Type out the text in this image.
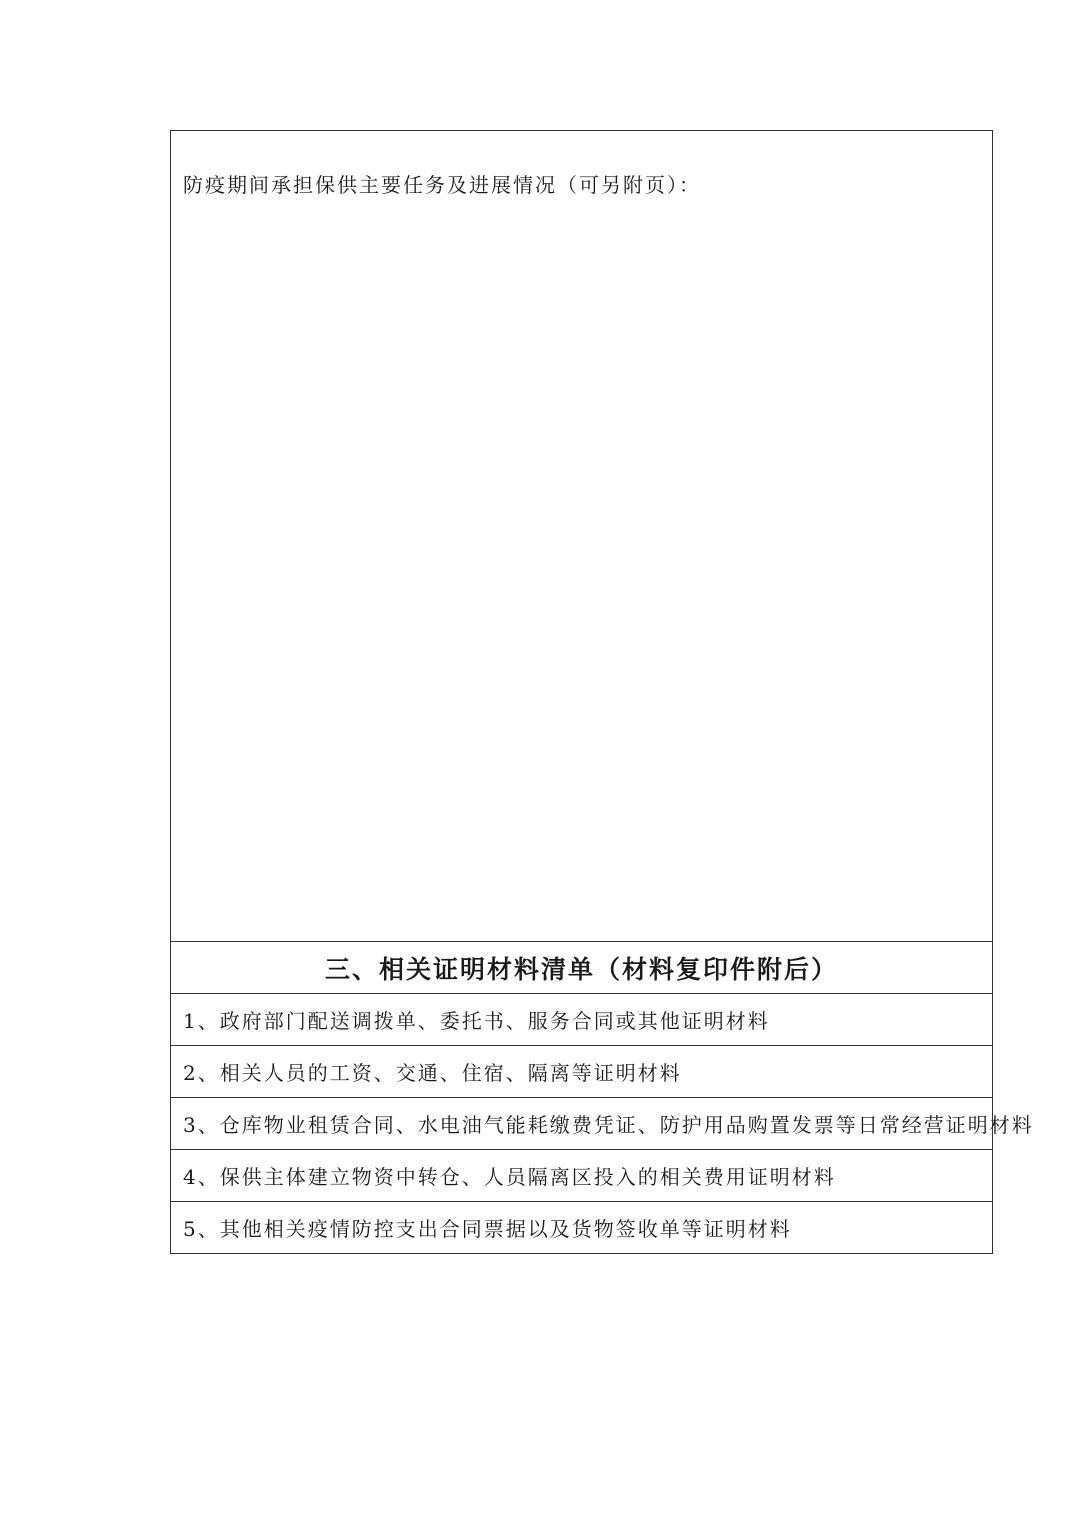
防疫期间承担保供主要任务及进展情况（可另附页）：

三、相关证明材料清单（材料复印件附后）

1、政府部门配送调拨单、委托书、服务合同或其他证明材料

2、相关人员的工资、交通、住宿、隔离等证明材料

3、仓库物业租赁合同、水电油气能耗缴费凭证、防护用品购置发票等日常经营证明材料

4、保供主体建立物资中转仓、人员隔离区投入的相关费用证明材料

5、其他相关疫情防控支出合同票据以及货物签收单等证明材料
